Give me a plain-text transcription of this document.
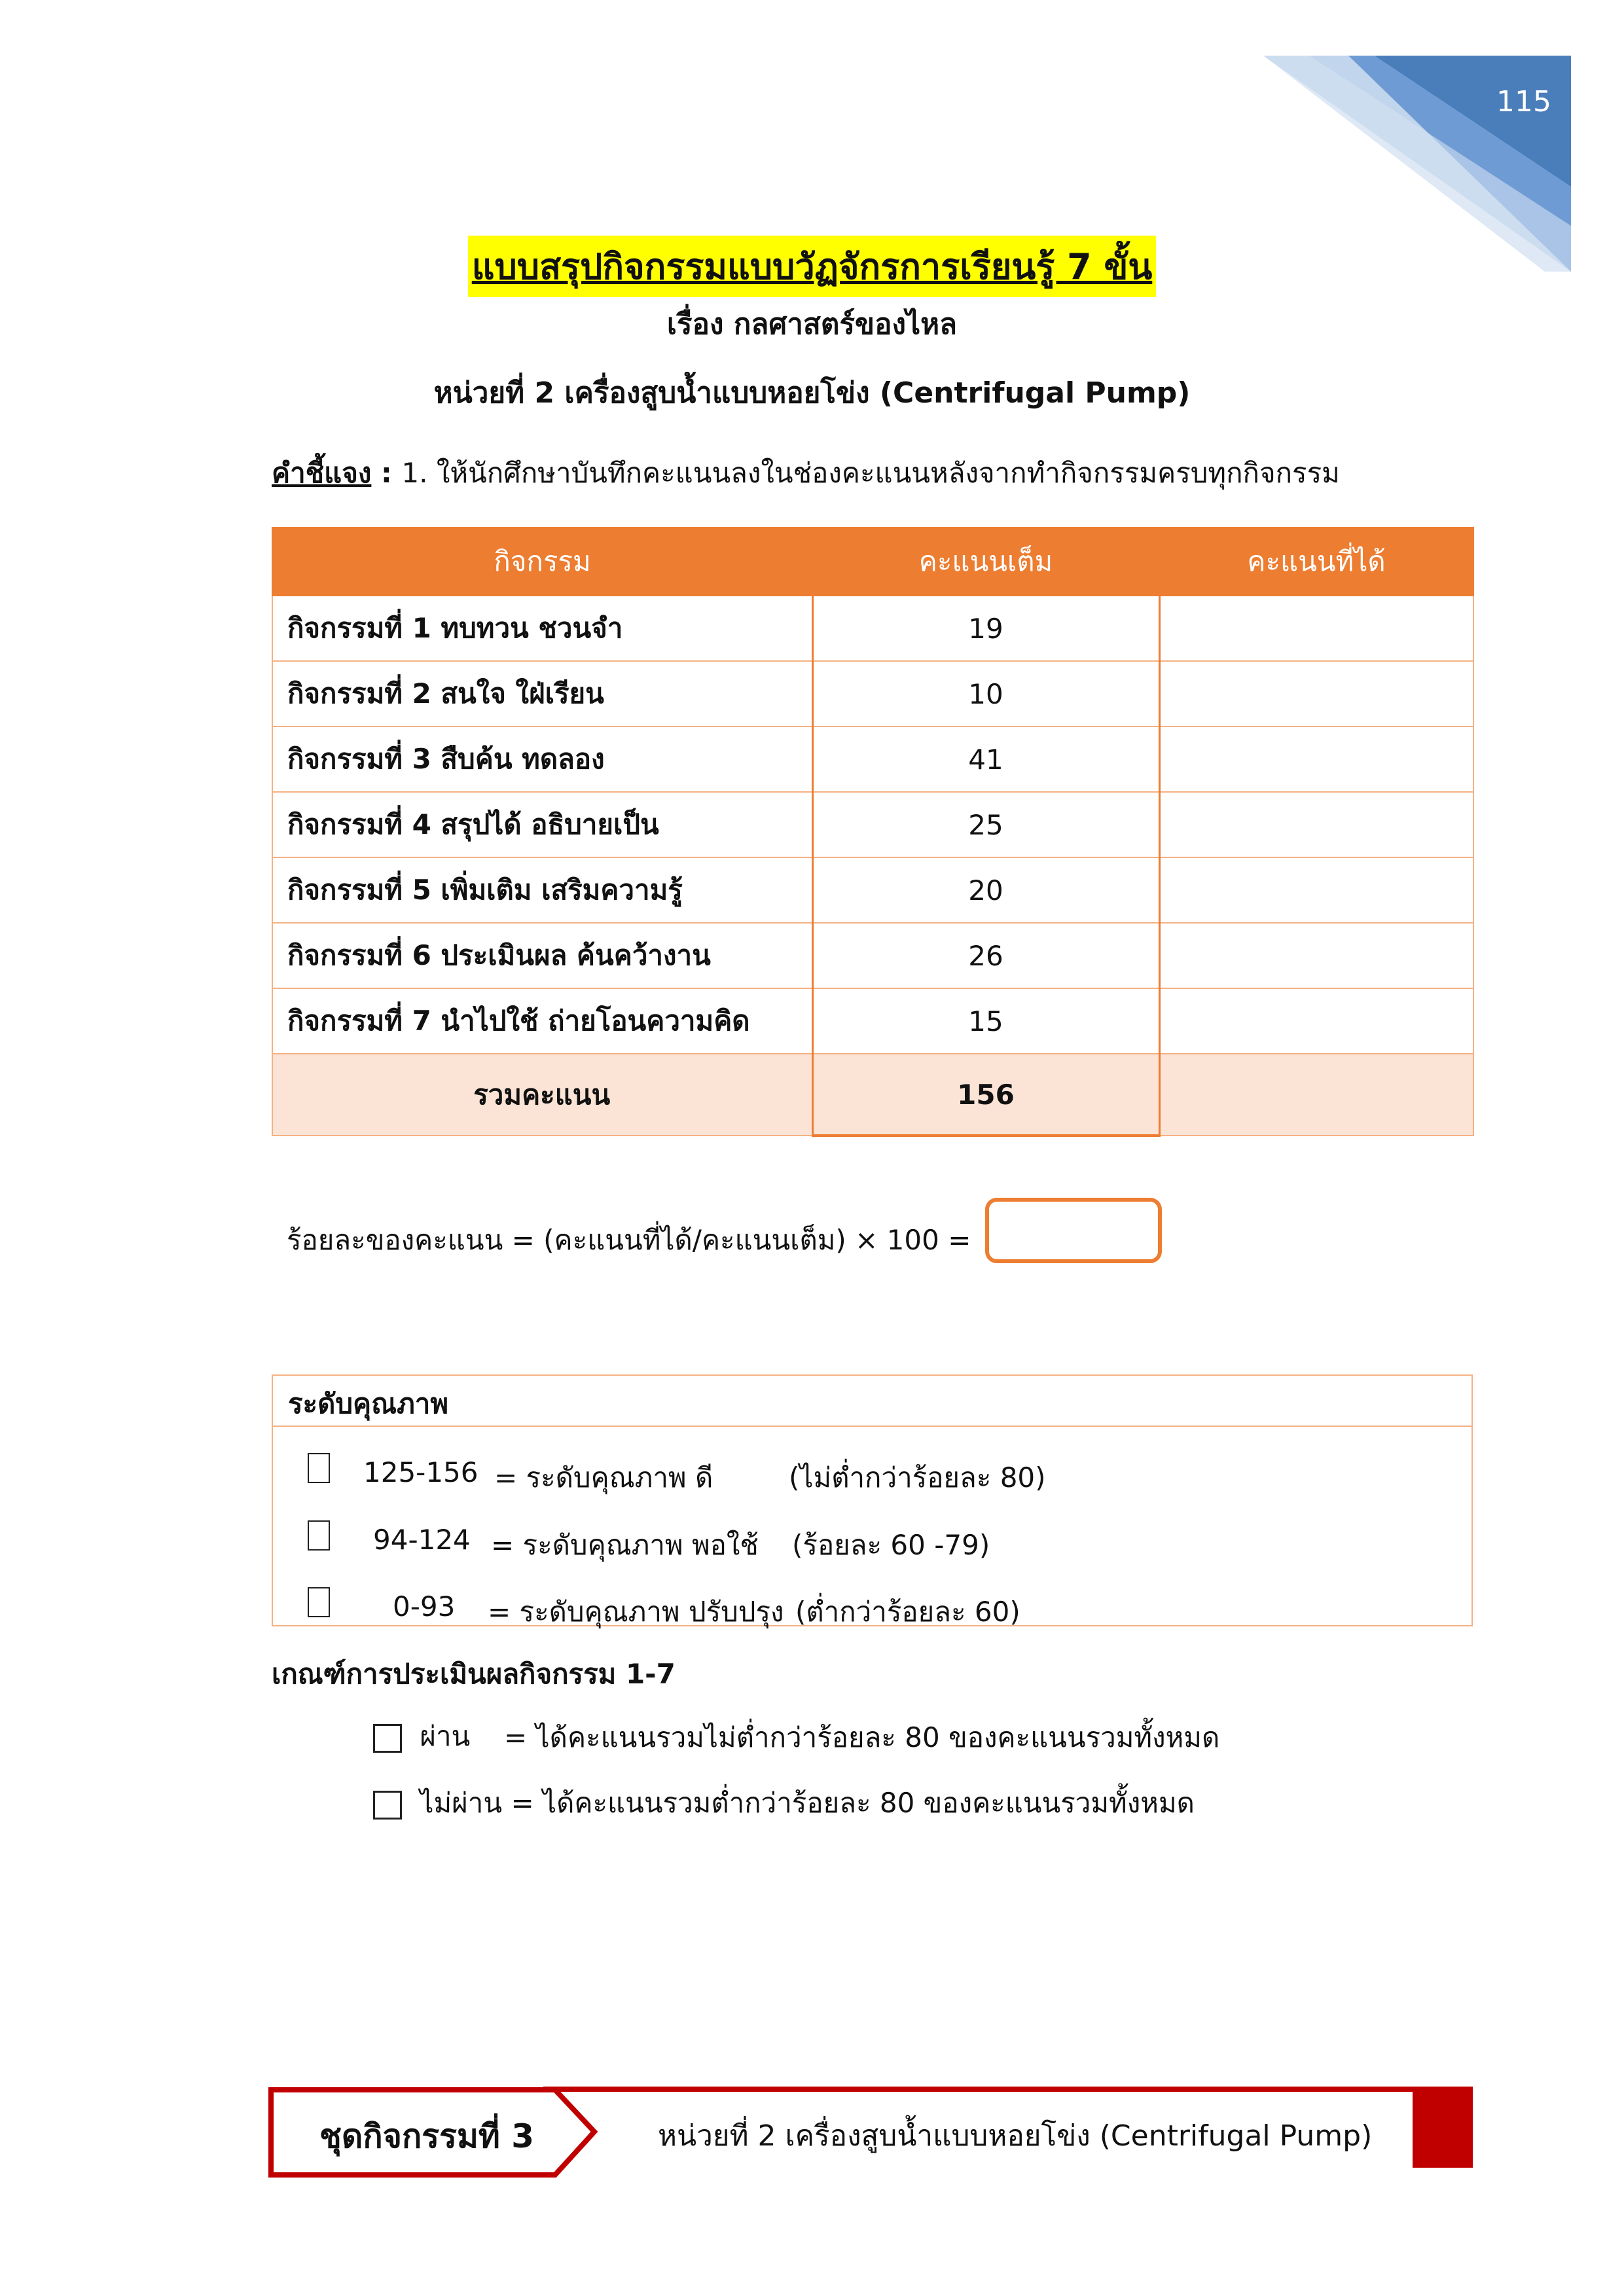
115
แบบสรุปกิจกรรมแบบวัฏจักรการเรียนรู้ 7 ขั้น
เรื่อง กลศาสตร์ของไหล
หน่วยที่ 2 เครื่องสูบน้ำแบบหอยโข่ง (Centrifugal Pump)
คำชี้แจง : 1. ให้นักศึกษาบันทึกคะแนนลงในช่องคะแนนหลังจากทำกิจกรรมครบทุกกิจกรรม
กิจกรรม	คะแนนเต็ม	คะแนนที่ได้
กิจกรรมที่ 1 ทบทวน ชวนจำ	19	
กิจกรรมที่ 2 สนใจ ใฝ่เรียน	10	
กิจกรรมที่ 3 สืบค้น ทดลอง	41	
กิจกรรมที่ 4 สรุปได้ อธิบายเป็น	25	
กิจกรรมที่ 5 เพิ่มเติม เสริมความรู้	20	
กิจกรรมที่ 6 ประเมินผล ค้นคว้างาน	26	
กิจกรรมที่ 7 นำไปใช้ ถ่ายโอนความคิด	15	
รวมคะแนน	156	
ร้อยละของคะแนน = (คะแนนที่ได้/คะแนนเต็ม) × 100 =
ระดับคุณภาพ
125-156 = ระดับคุณภาพ ดี	(ไม่ต่ำกว่าร้อยละ 80)
94-124 = ระดับคุณภาพ พอใช้ (ร้อยละ 60 -79)
0-93 = ระดับคุณภาพ ปรับปรุง (ต่ำกว่าร้อยละ 60)
เกณฑ์การประเมินผลกิจกรรม 1-7
ผ่าน = ได้คะแนนรวมไม่ต่ำกว่าร้อยละ 80 ของคะแนนรวมทั้งหมด
ไม่ผ่าน = ได้คะแนนรวมต่ำกว่าร้อยละ 80 ของคะแนนรวมทั้งหมด
ชุดกิจกรรมที่ 3	หน่วยที่ 2 เครื่องสูบน้ำแบบหอยโข่ง (Centrifugal Pump)
